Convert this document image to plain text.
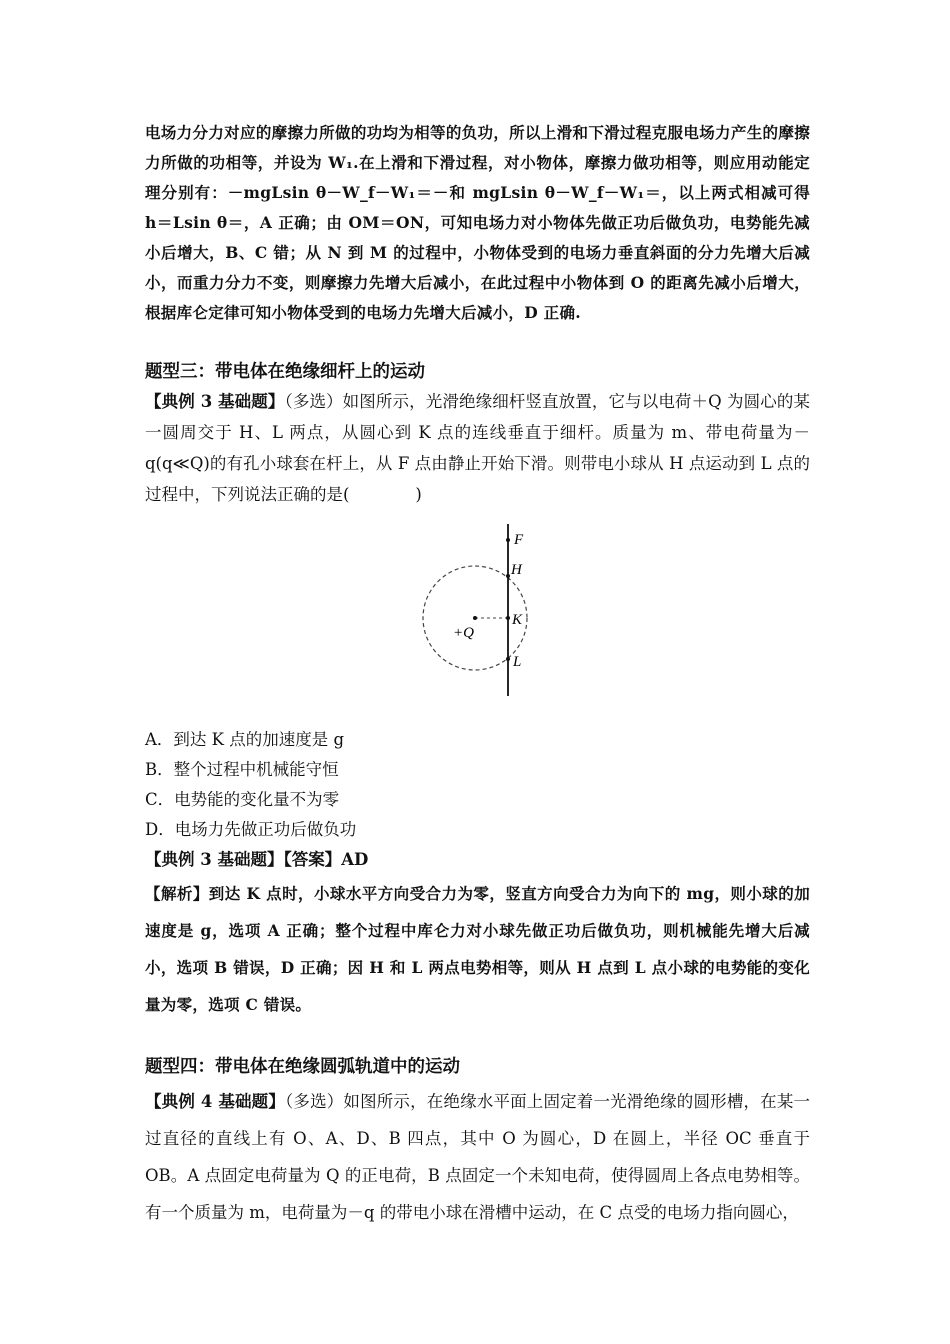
电场力分力对应的摩擦力所做的功均为相等的负功，所以上滑和下滑过程克服电场力产生的摩擦力所做的功相等，并设为 W₁.在上滑和下滑过程，对小物体，摩擦力做功相等，则应用动能定理分别有：－mgLsin θ－W_f－W₁＝－和 mgLsin θ－W_f－W₁＝，以上两式相减可得 h＝Lsin θ＝，A 正确；由 OM＝ON，可知电场力对小物体先做正功后做负功，电势能先减小后增大，B、C 错；从 N 到 M 的过程中，小物体受到的电场力垂直斜面的分力先增大后减小，而重力分力不变，则摩擦力先增大后减小，在此过程中小物体到 O 的距离先减小后增大，根据库仑定律可知小物体受到的电场力先增大后减小，D 正确.

题型三：带电体在绝缘细杆上的运动

【典例 3 基础题】（多选）如图所示，光滑绝缘细杆竖直放置，它与以电荷＋Q 为圆心的某一圆周交于 H、L 两点，从圆心到 K 点的连线垂直于细杆。质量为 m、带电荷量为－q(q≪Q)的有孔小球套在杆上，从 F 点由静止开始下滑。则带电小球从 H 点运动到 L 点的过程中，下列说法正确的是(　　　　)

F
H
K
L
+Q

A．到达 K 点的加速度是 g

B．整个过程中机械能守恒

C．电势能的变化量不为零

D．电场力先做正功后做负功

【典例 3 基础题】【答案】AD

【解析】到达 K 点时，小球水平方向受合力为零，竖直方向受合力为向下的 mg，则小球的加速度是 g，选项 A 正确；整个过程中库仑力对小球先做正功后做负功，则机械能先增大后减小，选项 B 错误，D 正确；因 H 和 L 两点电势相等，则从 H 点到 L 点小球的电势能的变化量为零，选项 C 错误。

题型四：带电体在绝缘圆弧轨道中的运动

【典例 4 基础题】（多选）如图所示，在绝缘水平面上固定着一光滑绝缘的圆形槽，在某一过直径的直线上有 O、A、D、B 四点，其中 O 为圆心，D 在圆上，半径 OC 垂直于 OB。A 点固定电荷量为 Q 的正电荷，B 点固定一个未知电荷，使得圆周上各点电势相等。有一个质量为 m，电荷量为－q 的带电小球在滑槽中运动，在 C 点受的电场力指向圆心，
